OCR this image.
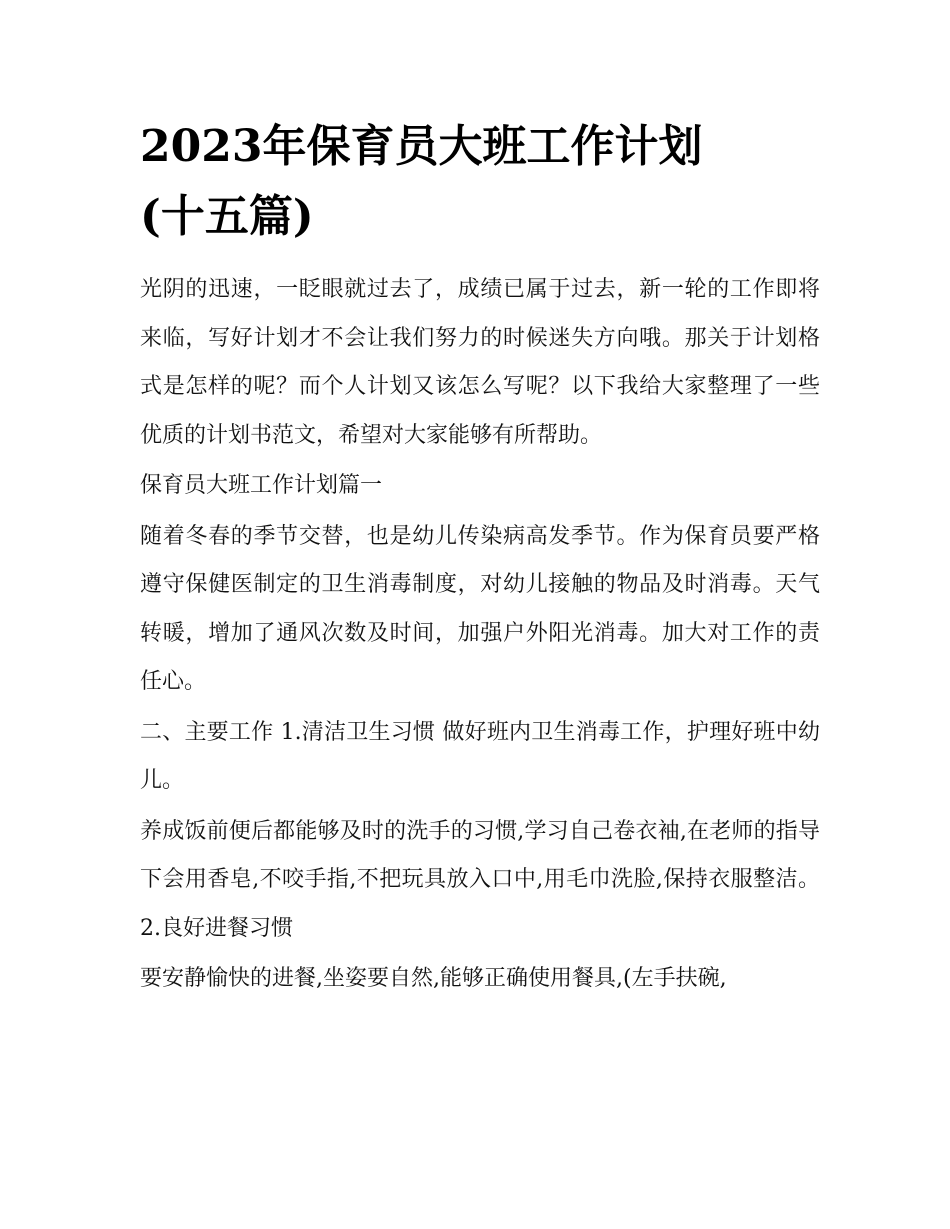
2023年保育员大班工作计划
(十五篇)

光阴的迅速，一眨眼就过去了，成绩已属于过去，新一轮的工作即将来临，写好计划才不会让我们努力的时候迷失方向哦。那关于计划格式是怎样的呢？而个人计划又该怎么写呢？以下我给大家整理了一些优质的计划书范文，希望对大家能够有所帮助。

保育员大班工作计划篇一

随着冬春的季节交替，也是幼儿传染病高发季节。作为保育员要严格遵守保健医制定的卫生消毒制度，对幼儿接触的物品及时消毒。天气转暖，增加了通风次数及时间，加强户外阳光消毒。加大对工作的责任心。

二、主要工作 1.清洁卫生习惯 做好班内卫生消毒工作，护理好班中幼儿。

养成饭前便后都能够及时的洗手的习惯,学习自己卷衣袖,在老师的指导下会用香皂,不咬手指,不把玩具放入口中,用毛巾洗脸,保持衣服整洁。 2.良好进餐习惯

要安静愉快的进餐,坐姿要自然,能够正确使用餐具,(左手扶碗,
